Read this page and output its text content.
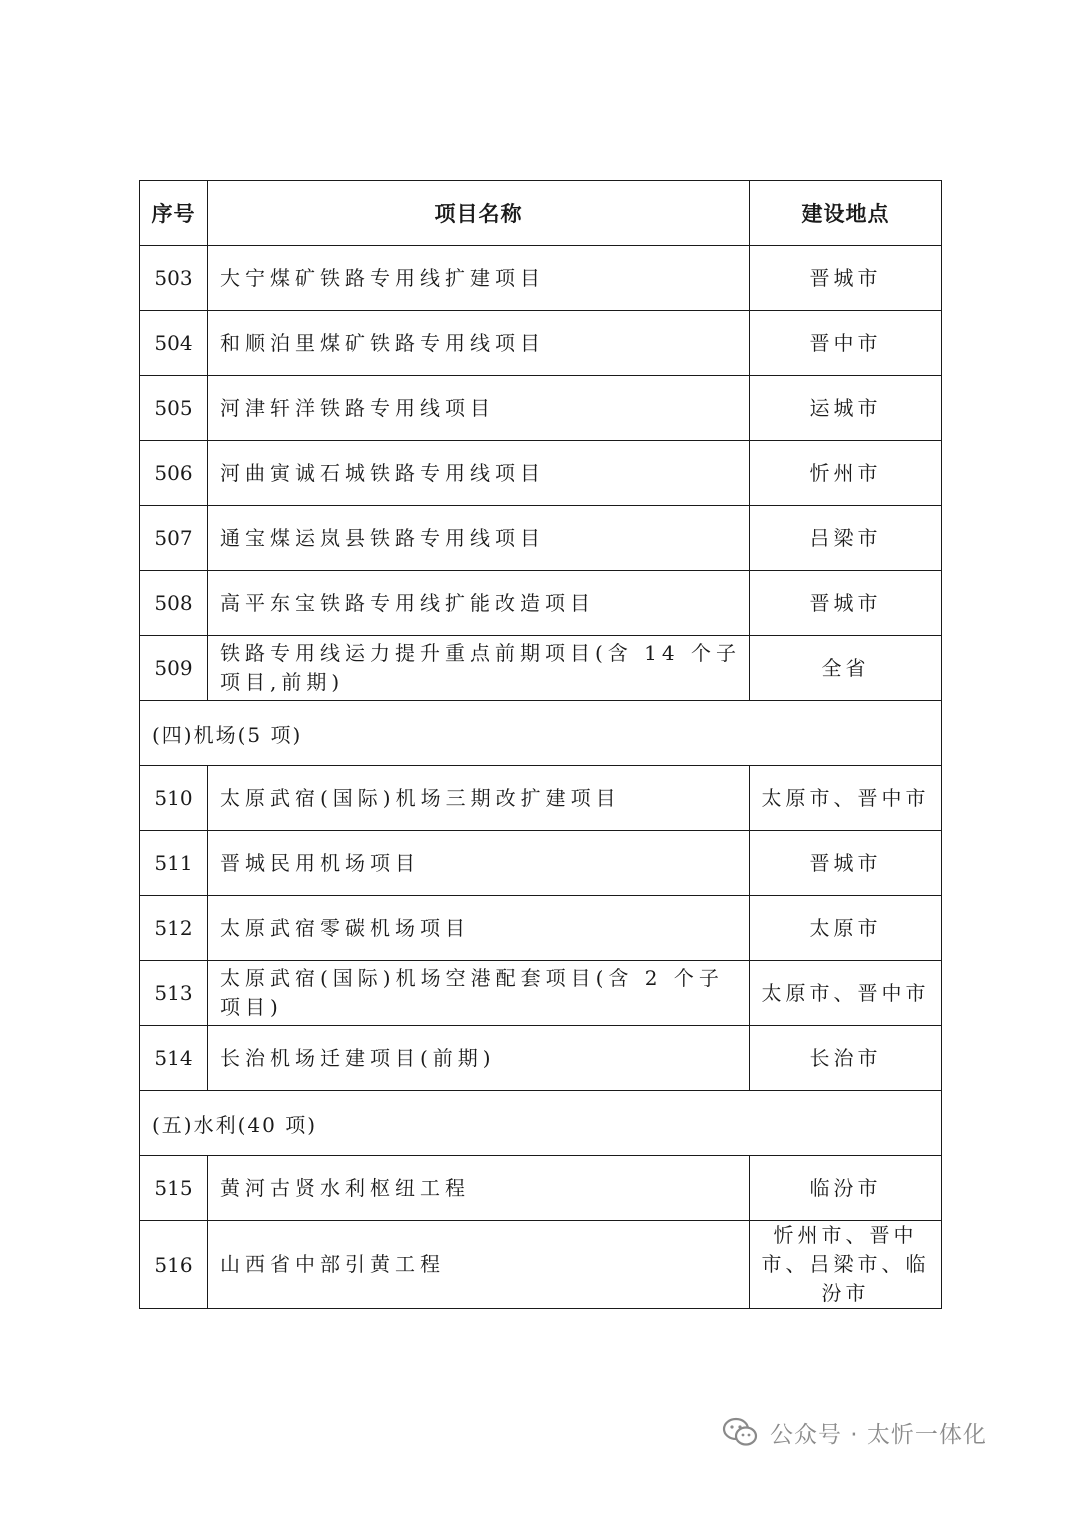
序号	项目名称	建设地点
503	大宁煤矿铁路专用线扩建项目	晋城市
504	和顺泊里煤矿铁路专用线项目	晋中市
505	河津轩洋铁路专用线项目	运城市
506	河曲寅诚石城铁路专用线项目	忻州市
507	通宝煤运岚县铁路专用线项目	吕梁市
508	高平东宝铁路专用线扩能改造项目	晋城市
509	铁路专用线运力提升重点前期项目(含 14 个子项目,前期)	全省
(四)机场(5 项)		
510	太原武宿(国际)机场三期改扩建项目	太原市、晋中市
511	晋城民用机场项目	晋城市
512	太原武宿零碳机场项目	太原市
513	太原武宿(国际)机场空港配套项目(含 2 个子项目)	太原市、晋中市
514	长治机场迁建项目(前期)	长治市
(五)水利(40 项)		
515	黄河古贤水利枢纽工程	临汾市
516	山西省中部引黄工程	忻州市、晋中市、吕梁市、临汾市
公众号 · 太忻一体化
